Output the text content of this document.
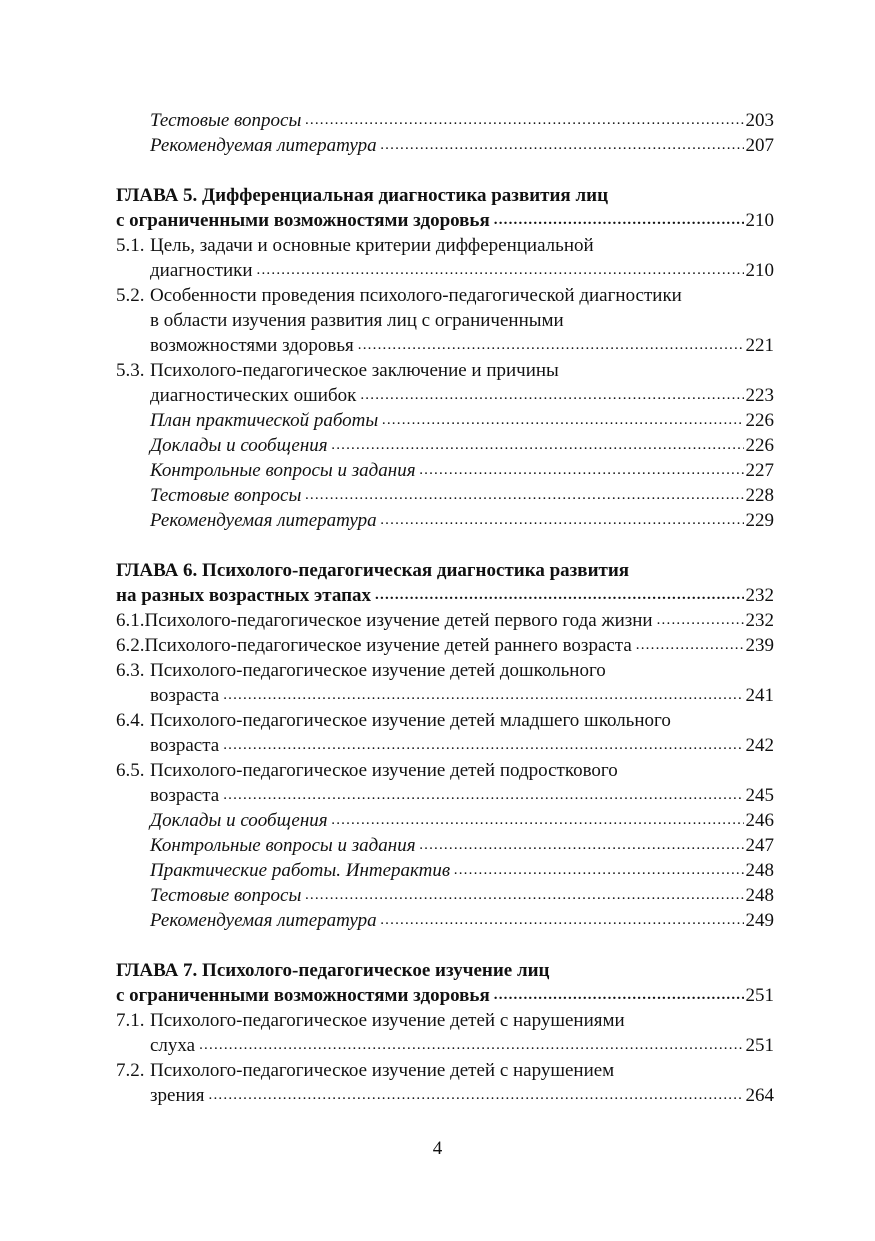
Тестовые вопросы .....	203
Рекомендуемая литература .....	207
ГЛАВА 5. Дифференциальная диагностика развития лиц
с ограниченными возможностями здоровья .....	210
5.1. Цель, задачи и основные критерии дифференциальной
диагностики .....	210
5.2. Особенности проведения психолого-педагогической диагностики
в области изучения развития лиц с ограниченными
возможностями здоровья .....	221
5.3. Психолого-педагогическое заключение и причины
диагностических ошибок .....	223
План практической работы .....	226
Доклады и сообщения .....	226
Контрольные вопросы и задания .....	227
Тестовые вопросы .....	228
Рекомендуемая литература .....	229
ГЛАВА 6. Психолого-педагогическая диагностика развития
на разных возрастных этапах .....	232
6.1. Психолого-педагогическое изучение детей первого года жизни .....	232
6.2. Психолого-педагогическое изучение детей раннего возраста .....	239
6.3. Психолого-педагогическое изучение детей дошкольного
возраста .....	241
6.4. Психолого-педагогическое изучение детей младшего школьного
возраста .....	242
6.5. Психолого-педагогическое изучение детей подросткового
возраста .....	245
Доклады и сообщения .....	246
Контрольные вопросы и задания .....	247
Практические работы. Интерактив .....	248
Тестовые вопросы .....	248
Рекомендуемая литература .....	249
ГЛАВА 7. Психолого-педагогическое изучение лиц
с ограниченными возможностями здоровья .....	251
7.1. Психолого-педагогическое изучение детей с нарушениями
слуха .....	251
7.2. Психолого-педагогическое изучение детей с нарушением
зрения .....	264
4
